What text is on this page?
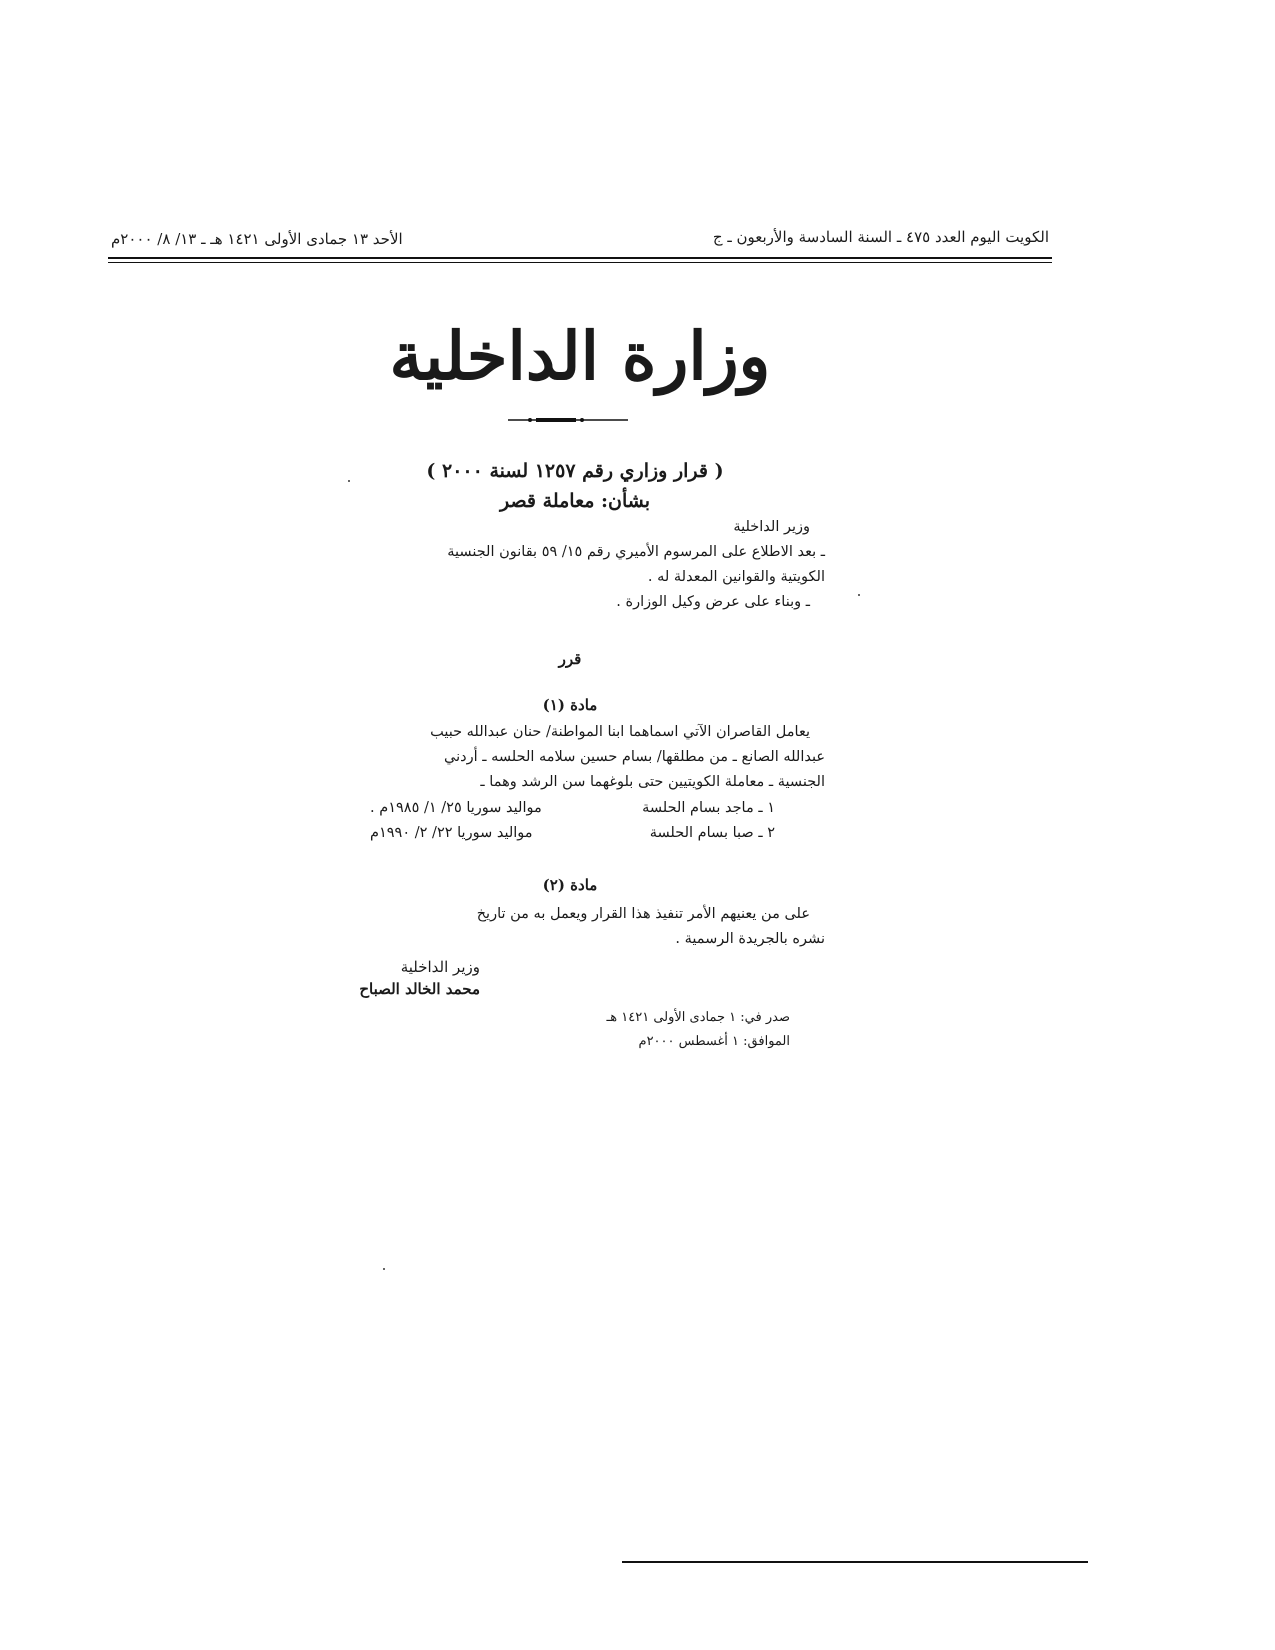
الكويت اليوم العدد ٤٧٥ ـ السنة السادسة والأربعون ـ ج
الأحد ١٣ جمادى الأولى ١٤٢١ هـ ـ ١٣/ ٨/ ٢٠٠٠م
وزارة الداخلية
( قرار وزاري رقم ١٢٥٧ لسنة ٢٠٠٠ )
بشأن: معاملة قصر
وزير الداخلية
ـ بعد الاطلاع على المرسوم الأميري رقم ١٥/ ٥٩ بقانون الجنسية
الكويتية والقوانين المعدلة له .
ـ وبناء على عرض وكيل الوزارة .
قرر
مادة (١)
يعامل القاصران الآتي اسماهما ابنا المواطنة/ حنان عبدالله حبيب
عبدالله الصانع ـ من مطلقها/ بسام حسين سلامه الحلسه ـ أردني
الجنسية ـ معاملة الكويتيين حتى بلوغهما سن الرشد وهما ـ
١ ـ ماجد بسام الحلسة
مواليد سوريا ٢٥/ ١/ ١٩٨٥م .
٢ ـ صبا بسام الحلسة
مواليد سوريا ٢٢/ ٢/ ١٩٩٠م
مادة (٢)
على من يعنيهم الأمر تنفيذ هذا القرار ويعمل به من تاريخ
نشره بالجريدة الرسمية .
وزير الداخلية
محمد الخالد الصباح
صدر في: ١ جمادى الأولى ١٤٢١ هـ
الموافق: ١ أغسطس ٢٠٠٠م
